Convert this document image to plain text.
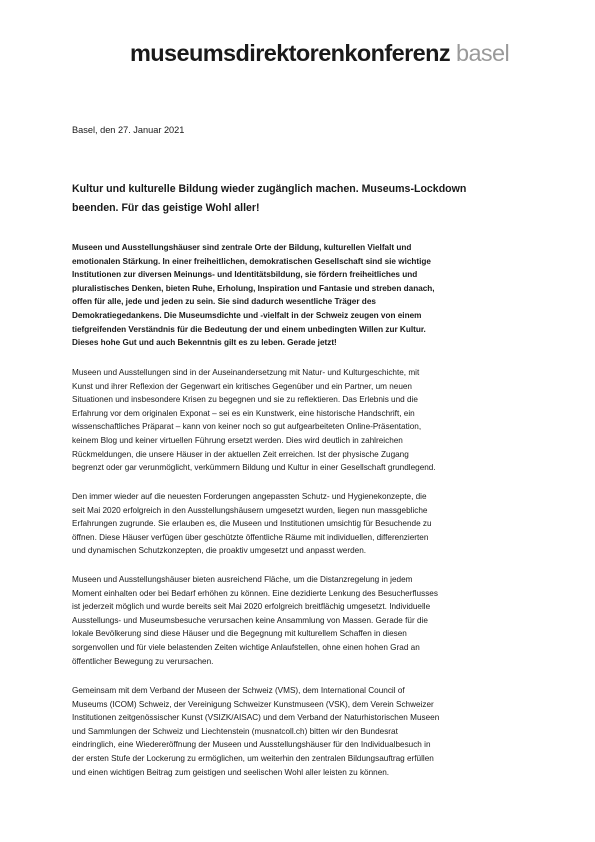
museumsdirektorenkonferenz basel
Basel, den 27. Januar 2021
Kultur und kulturelle Bildung wieder zugänglich machen. Museums-Lockdown
beenden. Für das geistige Wohl aller!
Museen und Ausstellungshäuser sind zentrale Orte der Bildung, kulturellen Vielfalt und
emotionalen Stärkung. In einer freiheitlichen, demokratischen Gesellschaft sind sie wichtige
Institutionen zur diversen Meinungs- und Identitätsbildung, sie fördern freiheitliches und
pluralistisches Denken, bieten Ruhe, Erholung, Inspiration und Fantasie und streben danach,
offen für alle, jede und jeden zu sein. Sie sind dadurch wesentliche Träger des
Demokratiegedankens. Die Museumsdichte und -vielfalt in der Schweiz zeugen von einem
tiefgreifenden Verständnis für die Bedeutung der und einem unbedingten Willen zur Kultur.
Dieses hohe Gut und auch Bekenntnis gilt es zu leben. Gerade jetzt!
Museen und Ausstellungen sind in der Auseinandersetzung mit Natur- und Kulturgeschichte, mit
Kunst und ihrer Reflexion der Gegenwart ein kritisches Gegenüber und ein Partner, um neuen
Situationen und insbesondere Krisen zu begegnen und sie zu reflektieren. Das Erlebnis und die
Erfahrung vor dem originalen Exponat – sei es ein Kunstwerk, eine historische Handschrift, ein
wissenschaftliches Präparat – kann von keiner noch so gut aufgearbeiteten Online-Präsentation,
keinem Blog und keiner virtuellen Führung ersetzt werden. Dies wird deutlich in zahlreichen
Rückmeldungen, die unsere Häuser in der aktuellen Zeit erreichen. Ist der physische Zugang
begrenzt oder gar verunmöglicht, verkümmern Bildung und Kultur in einer Gesellschaft grundlegend.
Den immer wieder auf die neuesten Forderungen angepassten Schutz- und Hygienekonzepte, die
seit Mai 2020 erfolgreich in den Ausstellungshäusern umgesetzt wurden, liegen nun massgebliche
Erfahrungen zugrunde. Sie erlauben es, die Museen und Institutionen umsichtig für Besuchende zu
öffnen. Diese Häuser verfügen über geschützte öffentliche Räume mit individuellen, differenzierten
und dynamischen Schutzkonzepten, die proaktiv umgesetzt und anpasst werden.
Museen und Ausstellungshäuser bieten ausreichend Fläche, um die Distanzregelung in jedem
Moment einhalten oder bei Bedarf erhöhen zu können. Eine dezidierte Lenkung des Besucherflusses
ist jederzeit möglich und wurde bereits seit Mai 2020 erfolgreich breitflächig umgesetzt. Individuelle
Ausstellungs- und Museumsbesuche verursachen keine Ansammlung von Massen. Gerade für die
lokale Bevölkerung sind diese Häuser und die Begegnung mit kulturellem Schaffen in diesen
sorgenvollen und für viele belastenden Zeiten wichtige Anlaufstellen, ohne einen hohen Grad an
öffentlicher Bewegung zu verursachen.
Gemeinsam mit dem Verband der Museen der Schweiz (VMS), dem International Council of
Museums (ICOM) Schweiz, der Vereinigung Schweizer Kunstmuseen (VSK), dem Verein Schweizer
Institutionen zeitgenössischer Kunst (VSIZK/AISAC) und dem Verband der Naturhistorischen Museen
und Sammlungen der Schweiz und Liechtenstein (musnatcoll.ch) bitten wir den Bundesrat
eindringlich, eine Wiedereröffnung der Museen und Ausstellungshäuser für den Individualbesuch in
der ersten Stufe der Lockerung zu ermöglichen, um weiterhin den zentralen Bildungsauftrag erfüllen
und einen wichtigen Beitrag zum geistigen und seelischen Wohl aller leisten zu können.
